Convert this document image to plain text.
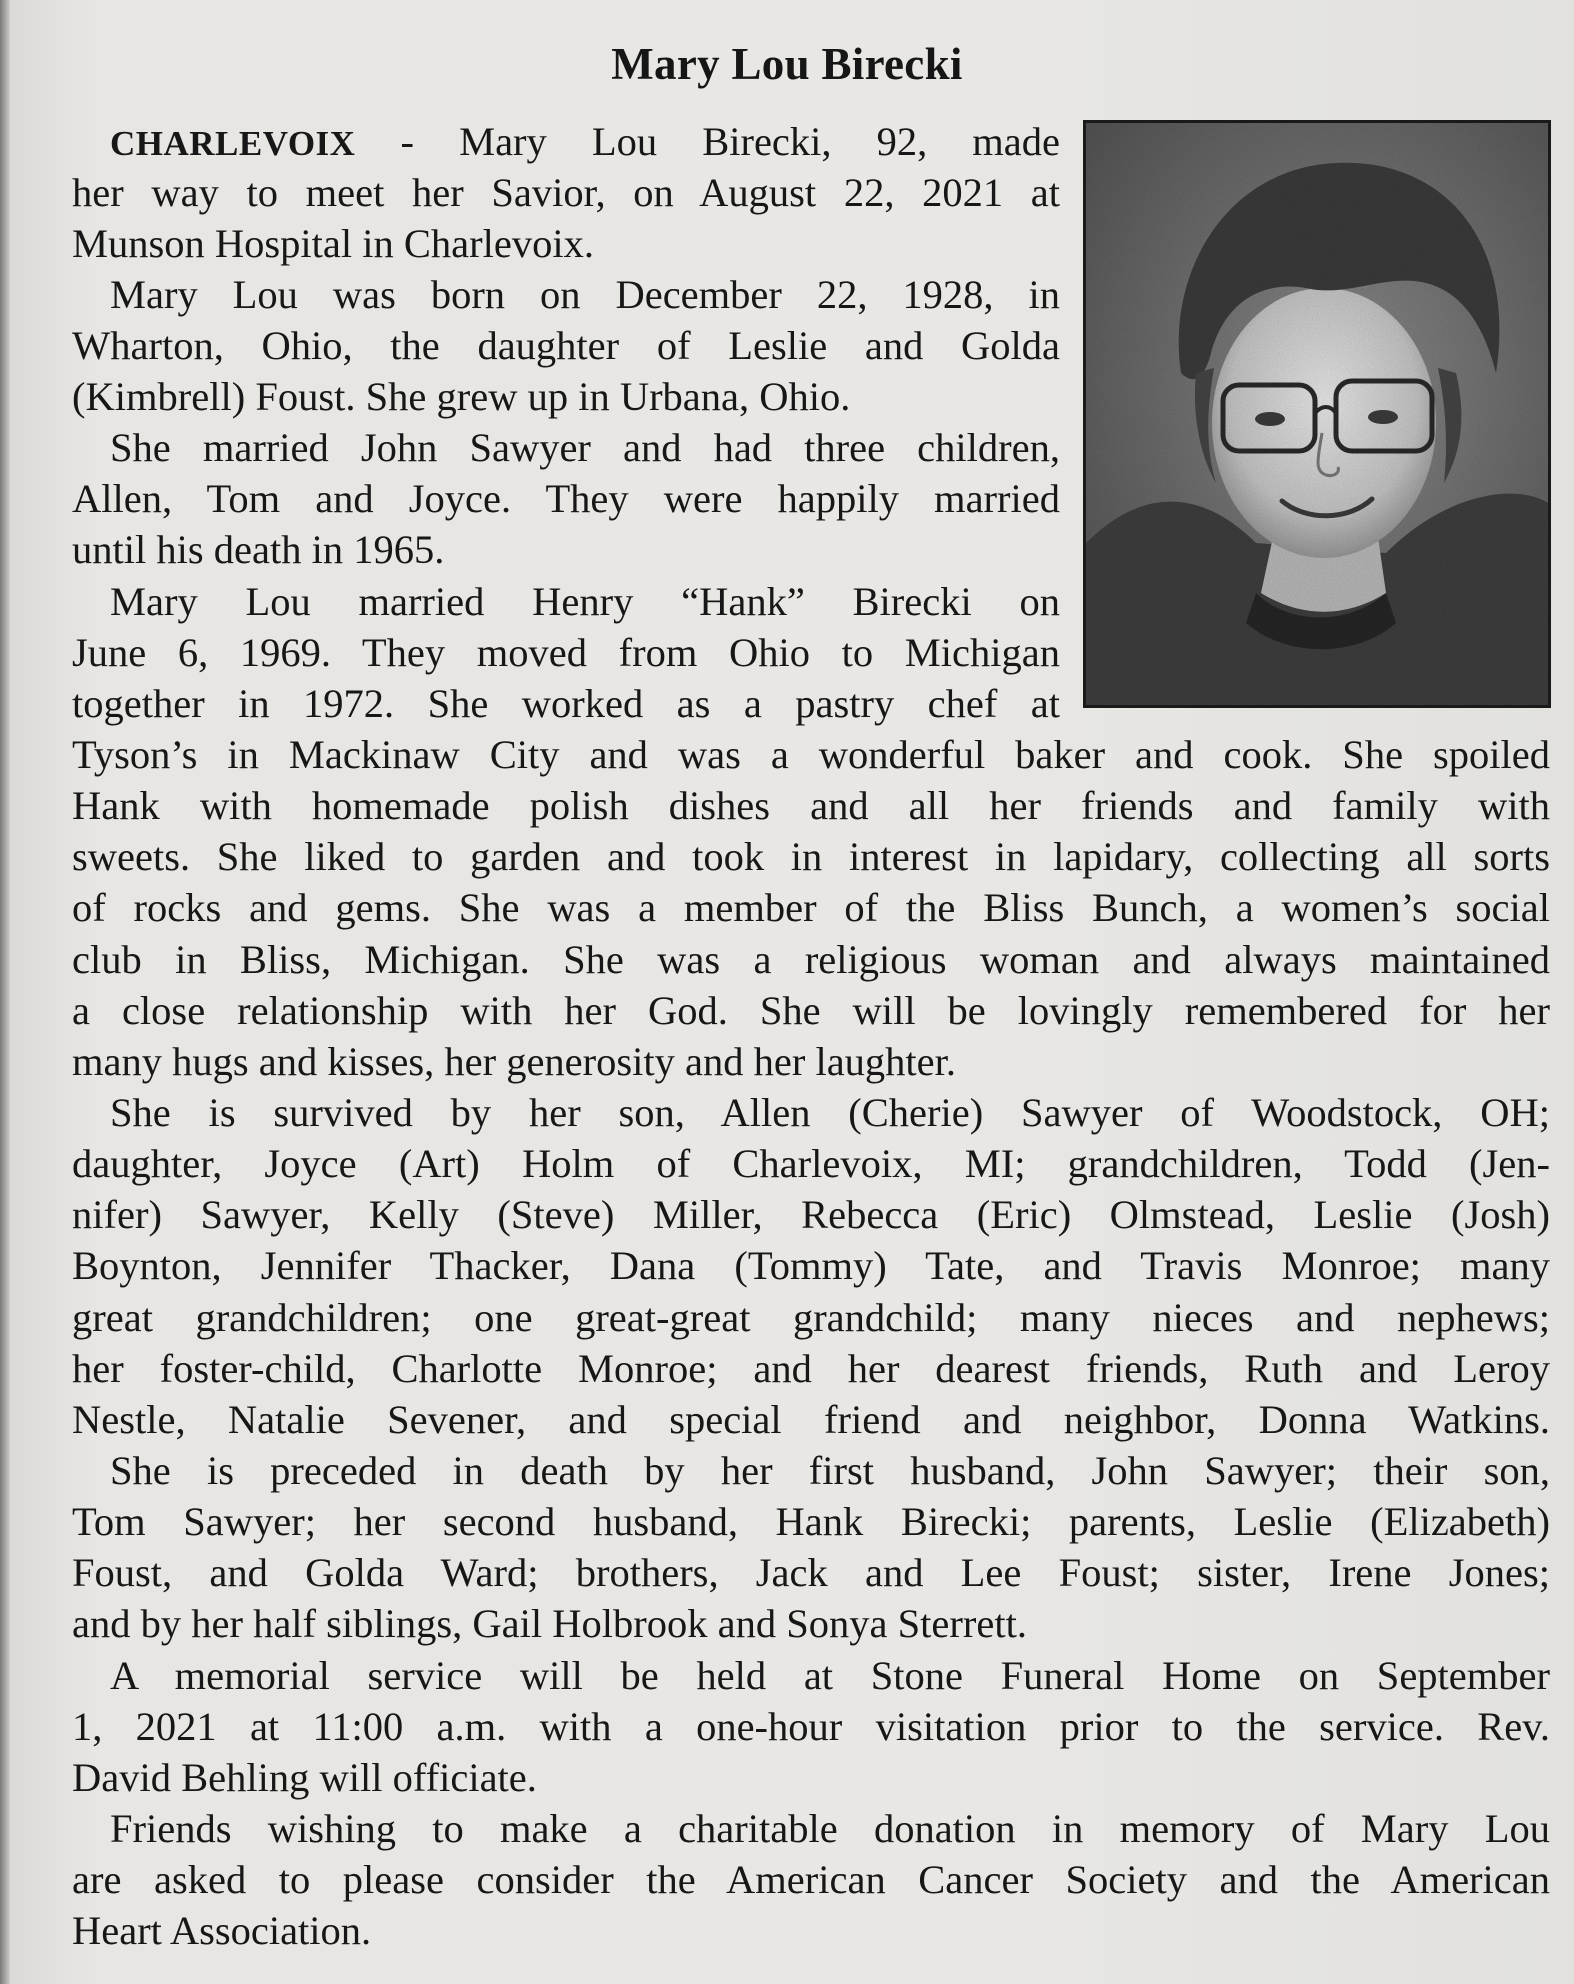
Mary Lou Birecki
CHARLEVOIX - Mary Lou Birecki, 92, made
her way to meet her Savior, on August 22, 2021 at
Munson Hospital in Charlevoix.
Mary Lou was born on December 22, 1928, in
Wharton, Ohio, the daughter of Leslie and Golda
(Kimbrell) Foust. She grew up in Urbana, Ohio.
She married John Sawyer and had three children,
Allen, Tom and Joyce. They were happily married
until his death in 1965.
Mary Lou married Henry “Hank” Birecki on
June 6, 1969. They moved from Ohio to Michigan
together in 1972. She worked as a pastry chef at
Tyson’s in Mackinaw City and was a wonderful baker and cook. She spoiled
Hank with homemade polish dishes and all her friends and family with
sweets. She liked to garden and took in interest in lapidary, collecting all sorts
of rocks and gems. She was a member of the Bliss Bunch, a women’s social
club in Bliss, Michigan. She was a religious woman and always maintained
a close relationship with her God. She will be lovingly remembered for her
many hugs and kisses, her generosity and her laughter.
She is survived by her son, Allen (Cherie) Sawyer of Woodstock, OH;
daughter, Joyce (Art) Holm of Charlevoix, MI; grandchildren, Todd (Jen-
nifer) Sawyer, Kelly (Steve) Miller, Rebecca (Eric) Olmstead, Leslie (Josh)
Boynton, Jennifer Thacker, Dana (Tommy) Tate, and Travis Monroe; many
great grandchildren; one great-great grandchild; many nieces and nephews;
her foster-child, Charlotte Monroe; and her dearest friends, Ruth and Leroy
Nestle, Natalie Sevener, and special friend and neighbor, Donna Watkins.
She is preceded in death by her first husband, John Sawyer; their son,
Tom Sawyer; her second husband, Hank Birecki; parents, Leslie (Elizabeth)
Foust, and Golda Ward; brothers, Jack and Lee Foust; sister, Irene Jones;
and by her half siblings, Gail Holbrook and Sonya Sterrett.
A memorial service will be held at Stone Funeral Home on September
1, 2021 at 11:00 a.m. with a one-hour visitation prior to the service. Rev.
David Behling will officiate.
Friends wishing to make a charitable donation in memory of Mary Lou
are asked to please consider the American Cancer Society and the American
Heart Association.
